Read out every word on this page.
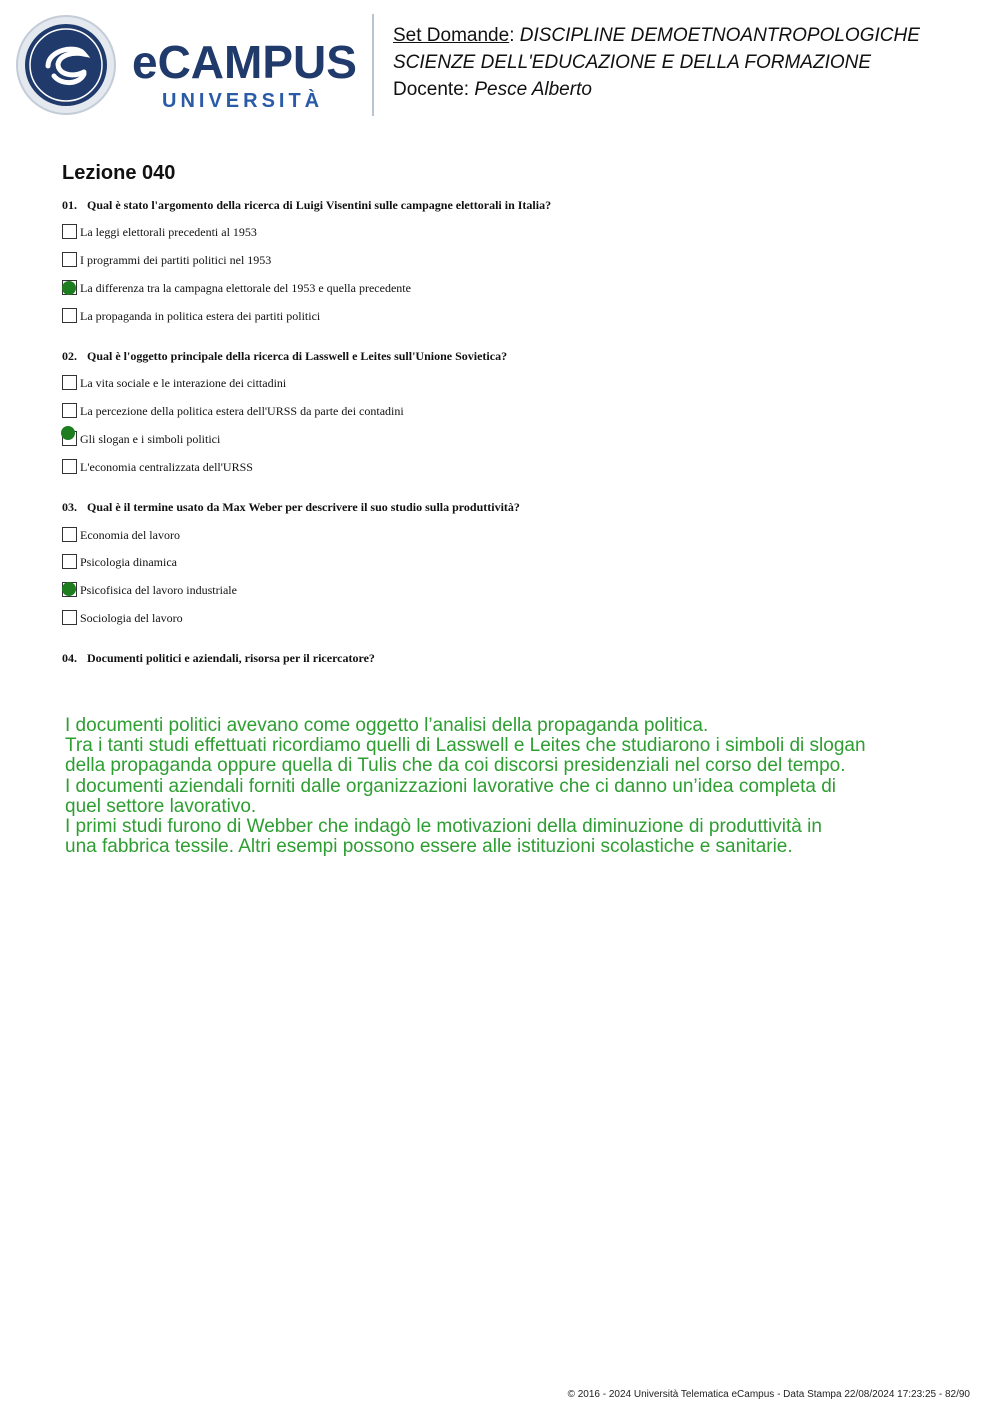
eCAMPUS
UNIVERSITÀ
Set Domande: DISCIPLINE DEMOETNOANTROPOLOGICHE
SCIENZE DELL'EDUCAZIONE E DELLA FORMAZIONE
Docente: Pesce Alberto
Lezione 040
01. Qual è stato l'argomento della ricerca di Luigi Visentini sulle campagne elettorali in Italia?
La leggi elettorali precedenti al 1953
I programmi dei partiti politici nel 1953
La differenza tra la campagna elettorale del 1953 e quella precedente
La propaganda in politica estera dei partiti politici
02. Qual è l'oggetto principale della ricerca di Lasswell e Leites sull'Unione Sovietica?
La vita sociale e le interazione dei cittadini
La percezione della politica estera dell'URSS da parte dei contadini
Gli slogan e i simboli politici
L'economia centralizzata dell'URSS
03. Qual è il termine usato da Max Weber per descrivere il suo studio sulla produttività?
Economia del lavoro
Psicologia dinamica
Psicofisica del lavoro industriale
Sociologia del lavoro
04. Documenti politici e aziendali, risorsa per il ricercatore?

I documenti politici avevano come oggetto l’analisi della propaganda politica.

Tra i tanti studi effettuati ricordiamo quelli di Lasswell e Leites che studiarono i simboli di slogan

della propaganda oppure quella di Tulis che da coi discorsi presidenziali nel corso del tempo.

I documenti aziendali forniti dalle organizzazioni lavorative che ci danno un’idea completa di

quel settore lavorativo.

I primi studi furono di Webber che indagò le motivazioni della diminuzione di produttività in

una fabbrica tessile. Altri esempi possono essere alle istituzioni scolastiche e sanitarie.

© 2016 - 2024 Università Telematica eCampus - Data Stampa 22/08/2024 17:23:25 - 82/90
